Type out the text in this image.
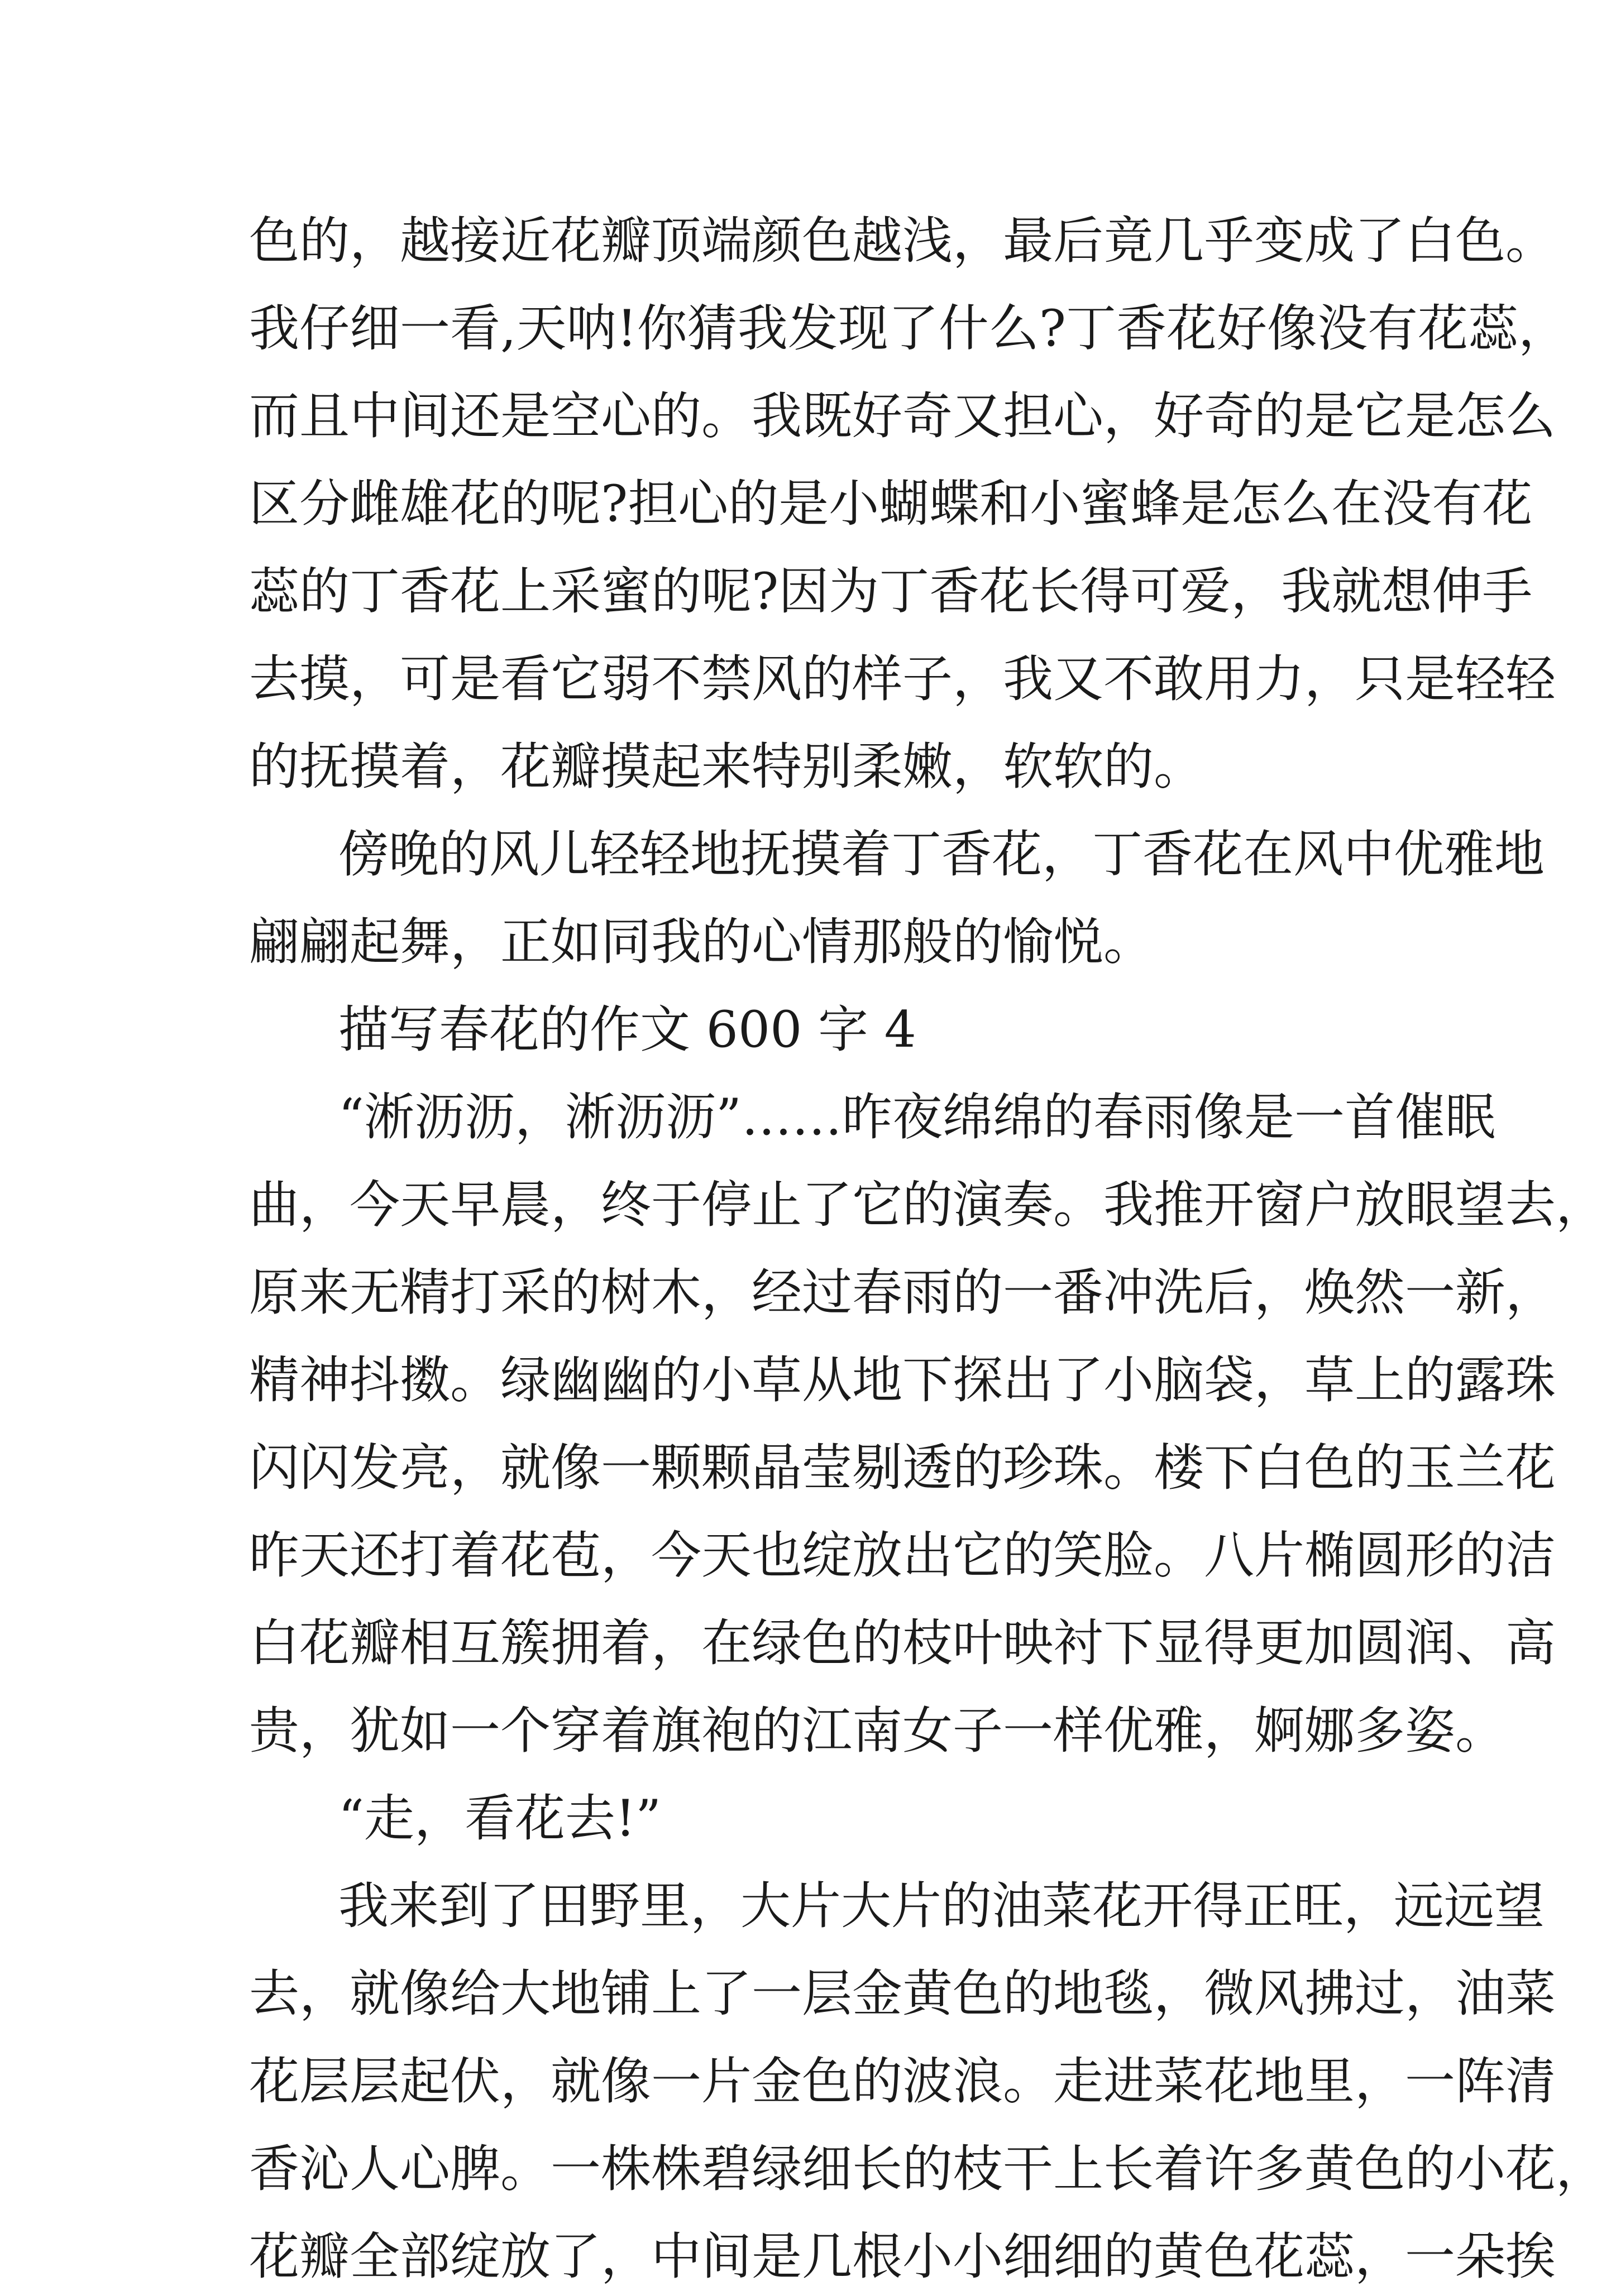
色的，越接近花瓣顶端颜色越浅，最后竟几乎变成了白色。
我仔细一看,天呐!你猜我发现了什么?丁香花好像没有花蕊，
而且中间还是空心的。我既好奇又担心，好奇的是它是怎么
区分雌雄花的呢?担心的是小蝴蝶和小蜜蜂是怎么在没有花
蕊的丁香花上采蜜的呢?因为丁香花长得可爱，我就想伸手
去摸，可是看它弱不禁风的样子，我又不敢用力，只是轻轻
的抚摸着，花瓣摸起来特别柔嫩，软软的。
傍晚的风儿轻轻地抚摸着丁香花，丁香花在风中优雅地
翩翩起舞，正如同我的心情那般的愉悦。
描写春花的作文 600 字 4
“淅沥沥，淅沥沥”……昨夜绵绵的春雨像是一首催眠
曲，今天早晨，终于停止了它的演奏。我推开窗户放眼望去，
原来无精打采的树木，经过春雨的一番冲洗后，焕然一新，
精神抖擞。绿幽幽的小草从地下探出了小脑袋，草上的露珠
闪闪发亮，就像一颗颗晶莹剔透的珍珠。楼下白色的玉兰花
昨天还打着花苞，今天也绽放出它的笑脸。八片椭圆形的洁
白花瓣相互簇拥着，在绿色的枝叶映衬下显得更加圆润、高
贵，犹如一个穿着旗袍的江南女子一样优雅，婀娜多姿。
“走，看花去!”
我来到了田野里，大片大片的油菜花开得正旺，远远望
去，就像给大地铺上了一层金黄色的地毯，微风拂过，油菜
花层层起伏，就像一片金色的波浪。走进菜花地里，一阵清
香沁人心脾。一株株碧绿细长的枝干上长着许多黄色的小花，
花瓣全部绽放了，中间是几根小小细细的黄色花蕊，一朵挨
